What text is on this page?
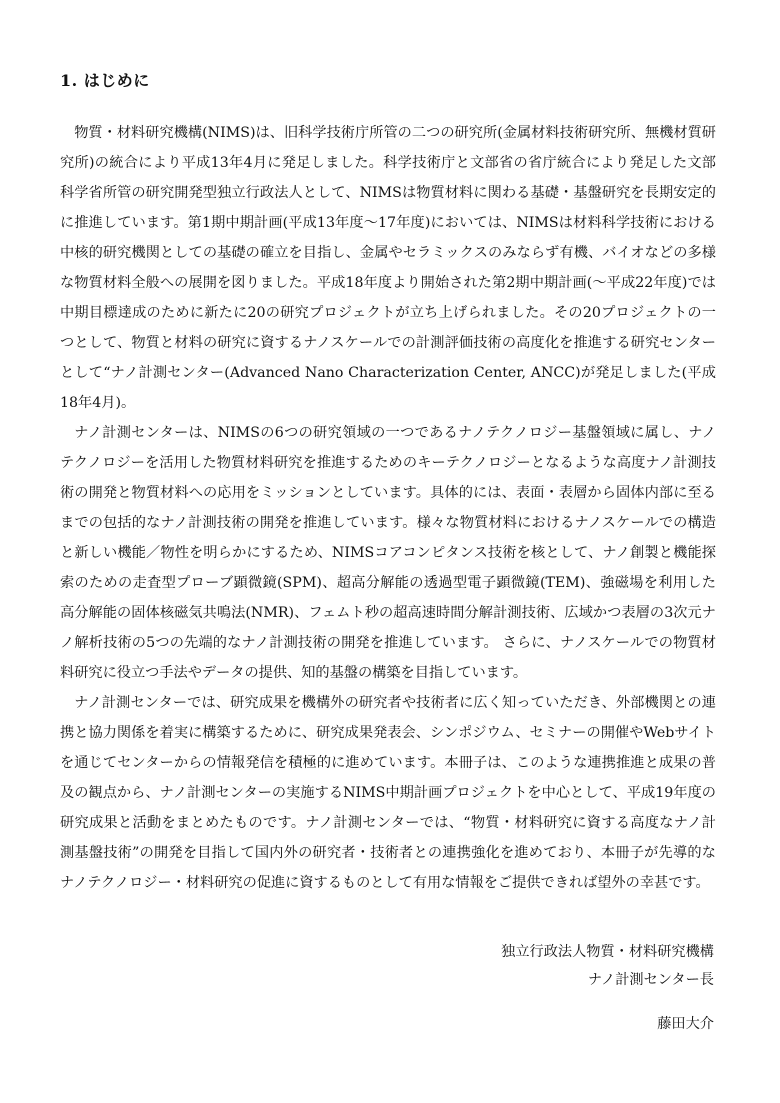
1. はじめに

物質・材料研究機構(NIMS)は、旧科学技術庁所管の二つの研究所(金属材料技術研究所、無機材質研究所)の統合により平成13年4月に発足しました。科学技術庁と文部省の省庁統合により発足した文部科学省所管の研究開発型独立行政法人として、NIMSは物質材料に関わる基礎・基盤研究を長期安定的に推進しています。第1期中期計画(平成13年度～17年度)においては、NIMSは材料科学技術における中核的研究機関としての基礎の確立を目指し、金属やセラミックスのみならず有機、バイオなどの多様な物質材料全般への展開を図りました。平成18年度より開始された第2期中期計画(～平成22年度)では中期目標達成のために新たに20の研究プロジェクトが立ち上げられました。その20プロジェクトの一つとして、物質と材料の研究に資するナノスケールでの計測評価技術の高度化を推進する研究センターとして“ナノ計測センター(Advanced Nano Characterization Center, ANCC)が発足しました(平成18年4月)。

ナノ計測センターは、NIMSの6つの研究領域の一つであるナノテクノロジー基盤領域に属し、ナノテクノロジーを活用した物質材料研究を推進するためのキーテクノロジーとなるような高度ナノ計測技術の開発と物質材料への応用をミッションとしています。具体的には、表面・表層から固体内部に至るまでの包括的なナノ計測技術の開発を推進しています。様々な物質材料におけるナノスケールでの構造と新しい機能／物性を明らかにするため、NIMSコアコンピタンス技術を核として、ナノ創製と機能探索のための走査型プローブ顕微鏡(SPM)、超高分解能の透過型電子顕微鏡(TEM)、強磁場を利用した高分解能の固体核磁気共鳴法(NMR)、フェムト秒の超高速時間分解計測技術、広域かつ表層の3次元ナノ解析技術の5つの先端的なナノ計測技術の開発を推進しています。 さらに、ナノスケールでの物質材料研究に役立つ手法やデータの提供、知的基盤の構築を目指しています。

ナノ計測センターでは、研究成果を機構外の研究者や技術者に広く知っていただき、外部機関との連携と協力関係を着実に構築するために、研究成果発表会、シンポジウム、セミナーの開催やWebサイトを通じてセンターからの情報発信を積極的に進めています。本冊子は、このような連携推進と成果の普及の観点から、ナノ計測センターの実施するNIMS中期計画プロジェクトを中心として、平成19年度の研究成果と活動をまとめたものです。ナノ計測センターでは、“物質・材料研究に資する高度なナノ計測基盤技術”の開発を目指して国内外の研究者・技術者との連携強化を進めており、本冊子が先導的なナノテクノロジー・材料研究の促進に資するものとして有用な情報をご提供できれば望外の幸甚です。

独立行政法人物質・材料研究機構
ナノ計測センター長
藤田大介
